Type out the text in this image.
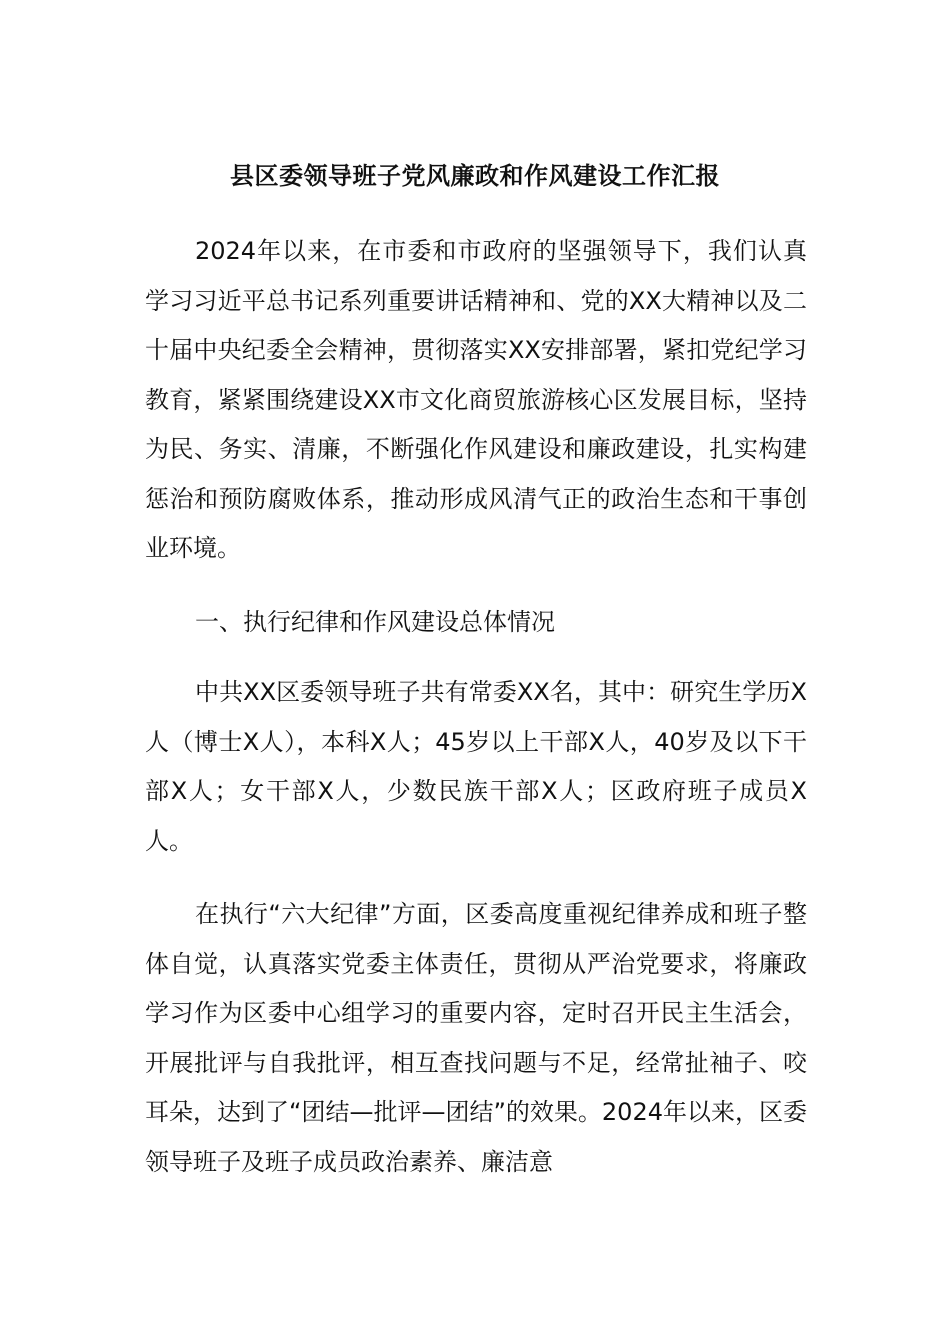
县区委领导班子党风廉政和作风建设工作汇报

2024年以来，在市委和市政府的坚强领导下，我们认真学习习近平总书记系列重要讲话精神和、党的XX大精神以及二十届中央纪委全会精神，贯彻落实XX安排部署，紧扣党纪学习教育，紧紧围绕建设XX市文化商贸旅游核心区发展目标，坚持为民、务实、清廉，不断强化作风建设和廉政建设，扎实构建惩治和预防腐败体系，推动形成风清气正的政治生态和干事创业环境。

一、执行纪律和作风建设总体情况

中共XX区委领导班子共有常委XX名，其中：研究生学历X人（博士X人），本科X人；45岁以上干部X人，40岁及以下干部X人；女干部X人，少数民族干部X人；区政府班子成员X人。

在执行“六大纪律”方面，区委高度重视纪律养成和班子整体自觉，认真落实党委主体责任，贯彻从严治党要求，将廉政学习作为区委中心组学习的重要内容，定时召开民主生活会，开展批评与自我批评，相互查找问题与不足，经常扯袖子、咬耳朵，达到了“团结—批评—团结”的效果。2024年以来，区委领导班子及班子成员政治素养、廉洁意
